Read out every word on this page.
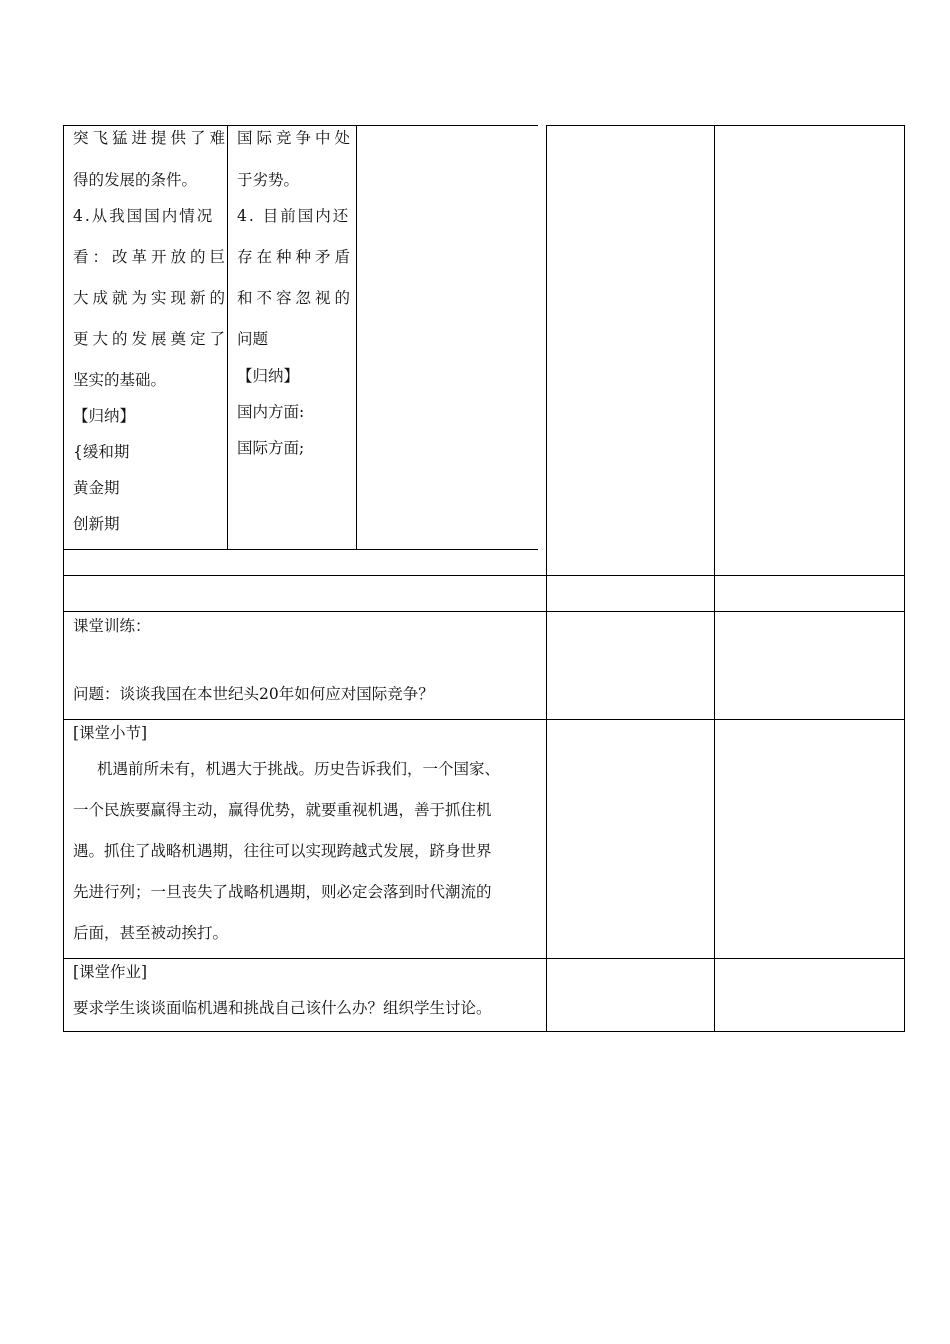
突飞猛进提供了难
得的发展的条件。
4.从我国国内情况
看：改革开放的巨
大成就为实现新的
更大的发展奠定了
坚实的基础。
【归纳】
{缓和期
黄金期
创新期
国际竞争中处
于劣势。
4. 目前国内还
存在种种矛盾
和不容忽视的
问题
【归纳】
国内方面:
国际方面;
课堂训练：
问题：谈谈我国在本世纪头20年如何应对国际竞争？
[课堂小节]
机遇前所未有，机遇大于挑战。历史告诉我们，一个国家、
一个民族要赢得主动，赢得优势，就要重视机遇，善于抓住机
遇。抓住了战略机遇期，往往可以实现跨越式发展，跻身世界
先进行列；一旦丧失了战略机遇期，则必定会落到时代潮流的
后面，甚至被动挨打。
[课堂作业]
要求学生谈谈面临机遇和挑战自己该什么办？组织学生讨论。
